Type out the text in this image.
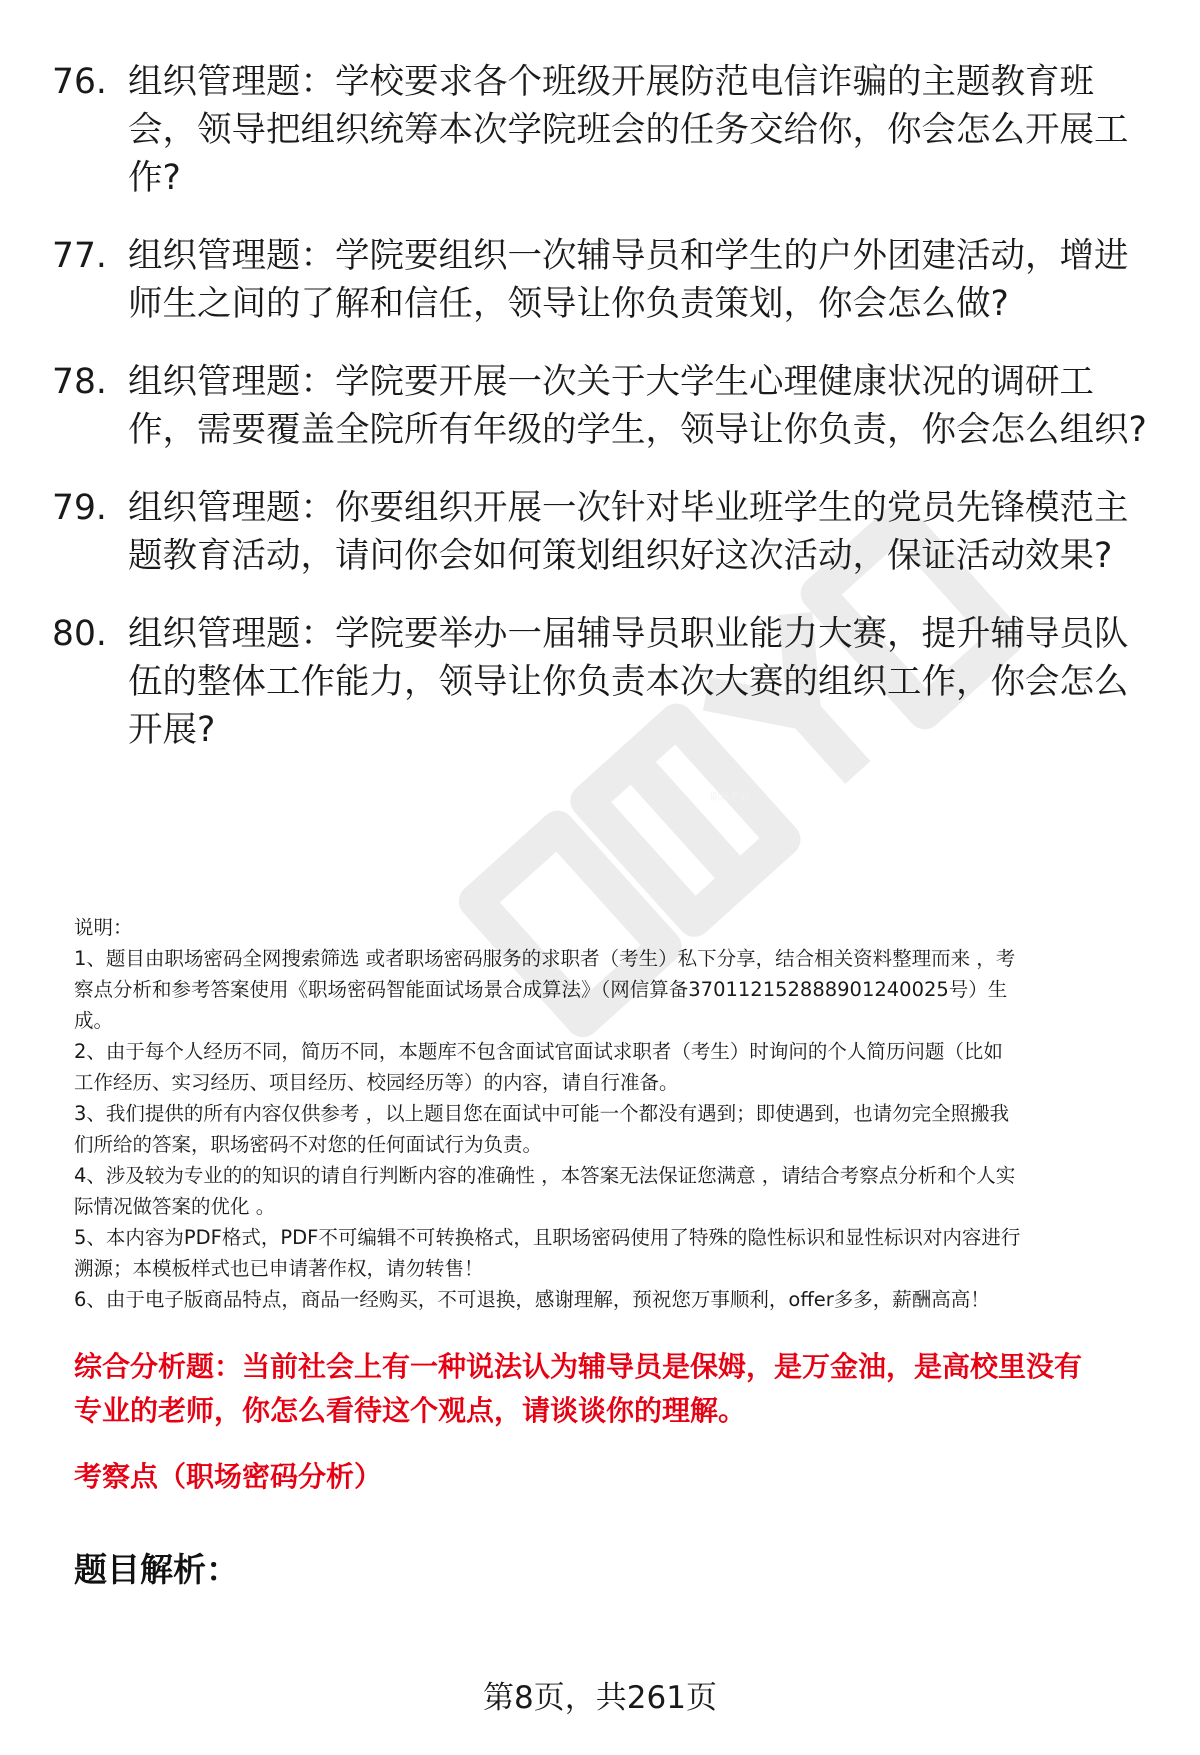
职场密码
76. 组织管理题：学校要求各个班级开展防范电信诈骗的主题教育班会，领导把组织统筹本次学院班会的任务交给你，你会怎么开展工作?
77. 组织管理题：学院要组织一次辅导员和学生的户外团建活动，增进师生之间的了解和信任，领导让你负责策划，你会怎么做?
78. 组织管理题：学院要开展一次关于大学生心理健康状况的调研工作，需要覆盖全院所有年级的学生，领导让你负责，你会怎么组织?
79. 组织管理题：你要组织开展一次针对毕业班学生的党员先锋模范主题教育活动，请问你会如何策划组织好这次活动，保证活动效果?
80. 组织管理题：学院要举办一届辅导员职业能力大赛，提升辅导员队伍的整体工作能力，领导让你负责本次大赛的组织工作，你会怎么开展?
说明：
1、题目由职场密码全网搜索筛选 或者职场密码服务的求职者（考生）私下分享，结合相关资料整理而来 ，考
察点分析和参考答案使用《职场密码智能面试场景合成算法》（网信算备370112152888901240025号）生
成。
2、由于每个人经历不同，简历不同，本题库不包含面试官面试求职者（考生）时询问的个人简历问题（比如
工作经历、实习经历、项目经历、校园经历等）的内容，请自行准备。
3、我们提供的所有内容仅供参考 ，以上题目您在面试中可能一个都没有遇到；即使遇到，也请勿完全照搬我
们所给的答案，职场密码不对您的任何面试行为负责。
4、涉及较为专业的的知识的请自行判断内容的准确性 ，本答案无法保证您满意 ，请结合考察点分析和个人实
际情况做答案的优化 。
5、本内容为PDF格式，PDF不可编辑不可转换格式，且职场密码使用了特殊的隐性标识和显性标识对内容进行
溯源；本模板样式也已申请著作权，请勿转售！
6、由于电子版商品特点，商品一经购买，不可退换，感谢理解，预祝您万事顺利，offer多多，薪酬高高！
综合分析题：当前社会上有一种说法认为辅导员是保姆，是万金油，是高校里没有
专业的老师，你怎么看待这个观点，请谈谈你的理解。
考察点（职场密码分析）
题目解析：
第8页，共261页
